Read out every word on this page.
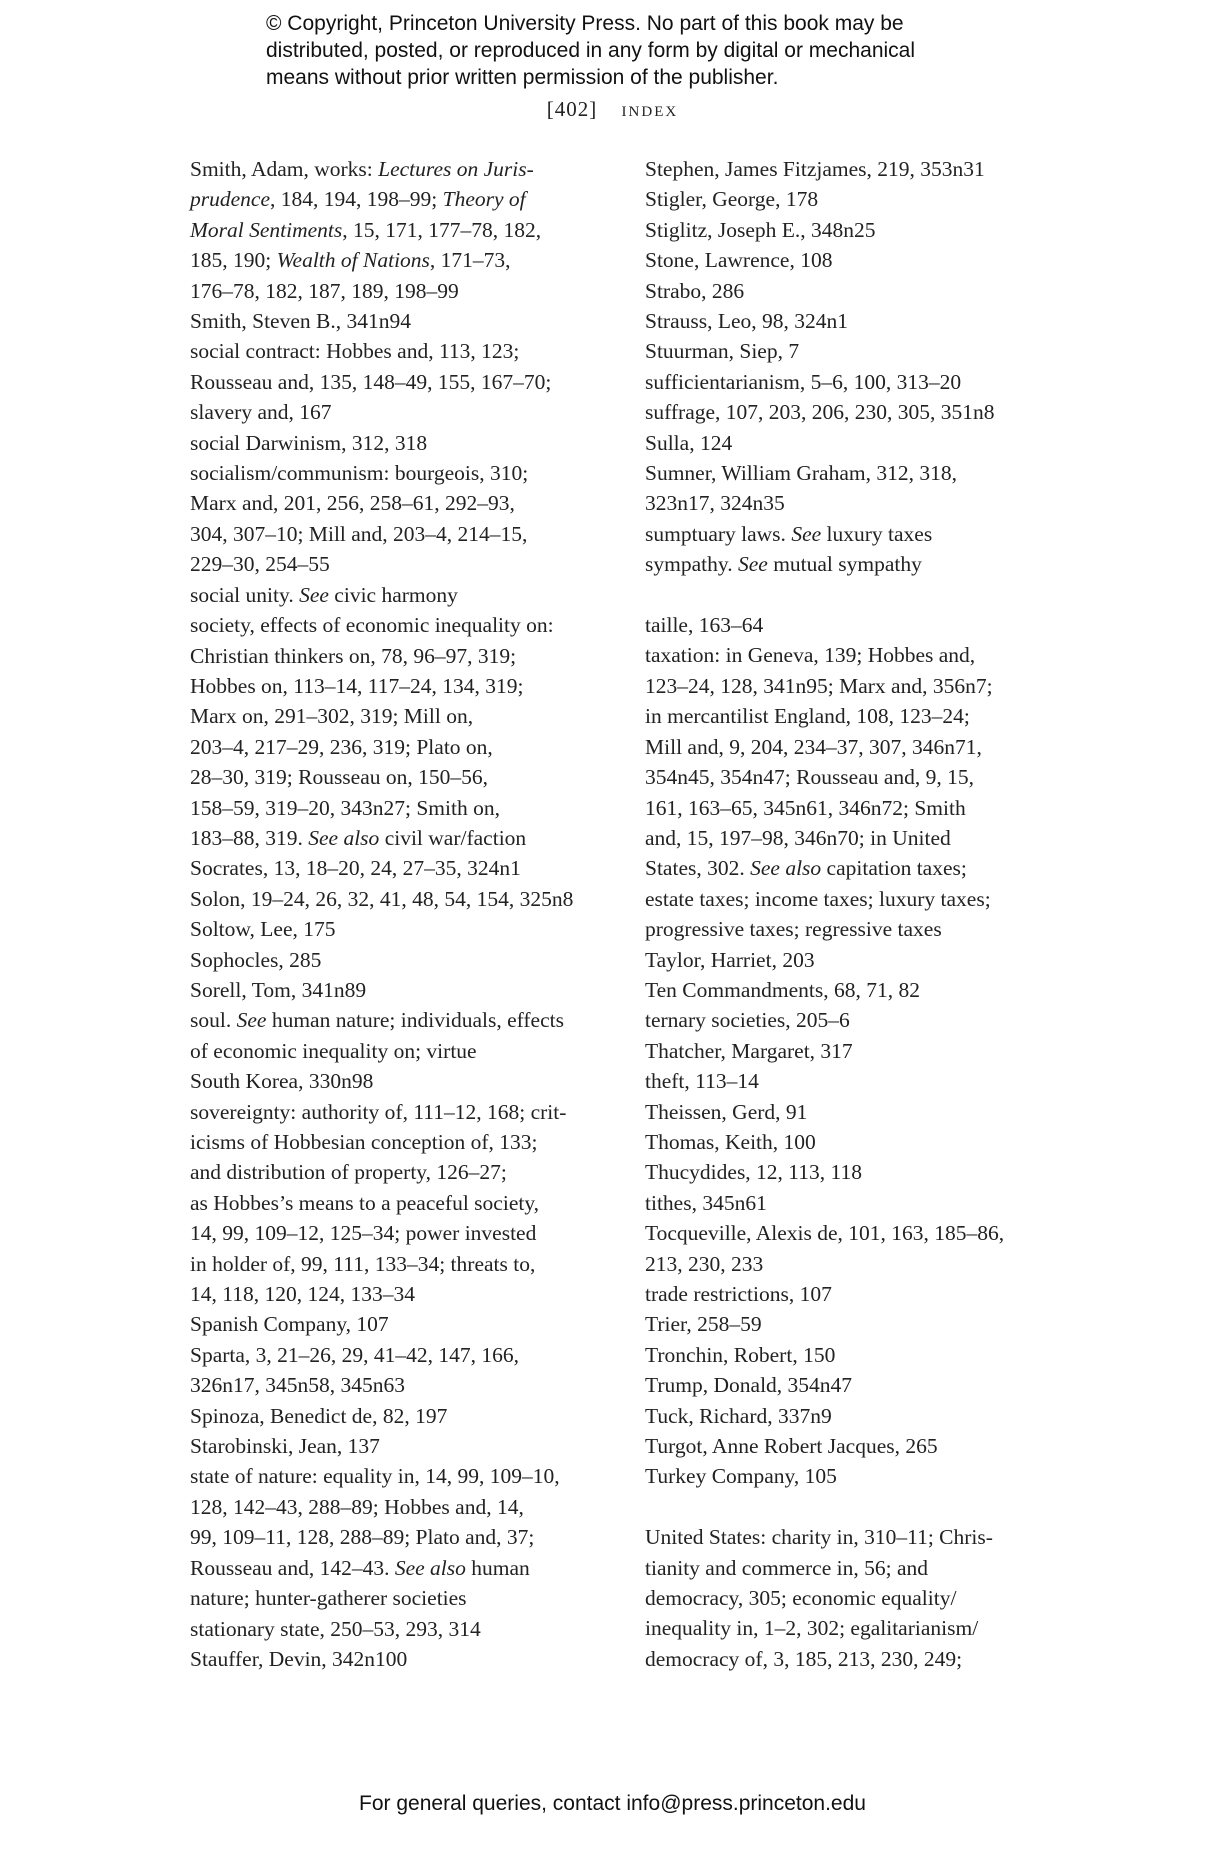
© Copyright, Princeton University Press. No part of this book may be
distributed, posted, or reproduced in any form by digital or mechanical
means without prior written permission of the publisher.
[402] index
Smith, Adam, works: Lectures on Juris-
prudence, 184, 194, 198–99; Theory of
Moral Sentiments, 15, 171, 177–78, 182,
185, 190; Wealth of Nations, 171–73,
176–78, 182, 187, 189, 198–99
Smith, Steven B., 341n94
social contract: Hobbes and, 113, 123;
Rousseau and, 135, 148–49, 155, 167–70;
slavery and, 167
social Darwinism, 312, 318
socialism/communism: bourgeois, 310;
Marx and, 201, 256, 258–61, 292–93,
304, 307–10; Mill and, 203–4, 214–15,
229–30, 254–55
social unity. See civic harmony
society, effects of economic inequality on:
Christian thinkers on, 78, 96–97, 319;
Hobbes on, 113–14, 117–24, 134, 319;
Marx on, 291–302, 319; Mill on,
203–4, 217–29, 236, 319; Plato on,
28–30, 319; Rousseau on, 150–56,
158–59, 319–20, 343n27; Smith on,
183–88, 319. See also civil war/faction
Socrates, 13, 18–20, 24, 27–35, 324n1
Solon, 19–24, 26, 32, 41, 48, 54, 154, 325n8
Soltow, Lee, 175
Sophocles, 285
Sorell, Tom, 341n89
soul. See human nature; individuals, effects
of economic inequality on; virtue
South Korea, 330n98
sovereignty: authority of, 111–12, 168; crit-
icisms of Hobbesian conception of, 133;
and distribution of property, 126–27;
as Hobbes’s means to a peaceful society,
14, 99, 109–12, 125–34; power invested
in holder of, 99, 111, 133–34; threats to,
14, 118, 120, 124, 133–34
Spanish Company, 107
Sparta, 3, 21–26, 29, 41–42, 147, 166,
326n17, 345n58, 345n63
Spinoza, Benedict de, 82, 197
Starobinski, Jean, 137
state of nature: equality in, 14, 99, 109–10,
128, 142–43, 288–89; Hobbes and, 14,
99, 109–11, 128, 288–89; Plato and, 37;
Rousseau and, 142–43. See also human
nature; hunter-gatherer societies
stationary state, 250–53, 293, 314
Stauffer, Devin, 342n100
Stephen, James Fitzjames, 219, 353n31
Stigler, George, 178
Stiglitz, Joseph E., 348n25
Stone, Lawrence, 108
Strabo, 286
Strauss, Leo, 98, 324n1
Stuurman, Siep, 7
sufficientarianism, 5–6, 100, 313–20
suffrage, 107, 203, 206, 230, 305, 351n8
Sulla, 124
Sumner, William Graham, 312, 318,
323n17, 324n35
sumptuary laws. See luxury taxes
sympathy. See mutual sympathy
taille, 163–64
taxation: in Geneva, 139; Hobbes and,
123–24, 128, 341n95; Marx and, 356n7;
in mercantilist England, 108, 123–24;
Mill and, 9, 204, 234–37, 307, 346n71,
354n45, 354n47; Rousseau and, 9, 15,
161, 163–65, 345n61, 346n72; Smith
and, 15, 197–98, 346n70; in United
States, 302. See also capitation taxes;
estate taxes; income taxes; luxury taxes;
progressive taxes; regressive taxes
Taylor, Harriet, 203
Ten Commandments, 68, 71, 82
ternary societies, 205–6
Thatcher, Margaret, 317
theft, 113–14
Theissen, Gerd, 91
Thomas, Keith, 100
Thucydides, 12, 113, 118
tithes, 345n61
Tocqueville, Alexis de, 101, 163, 185–86,
213, 230, 233
trade restrictions, 107
Trier, 258–59
Tronchin, Robert, 150
Trump, Donald, 354n47
Tuck, Richard, 337n9
Turgot, Anne Robert Jacques, 265
Turkey Company, 105
United States: charity in, 310–11; Chris-
tianity and commerce in, 56; and
democracy, 305; economic equality/
inequality in, 1–2, 302; egalitarianism/
democracy of, 3, 185, 213, 230, 249;
For general queries, contact info@press.princeton.edu
